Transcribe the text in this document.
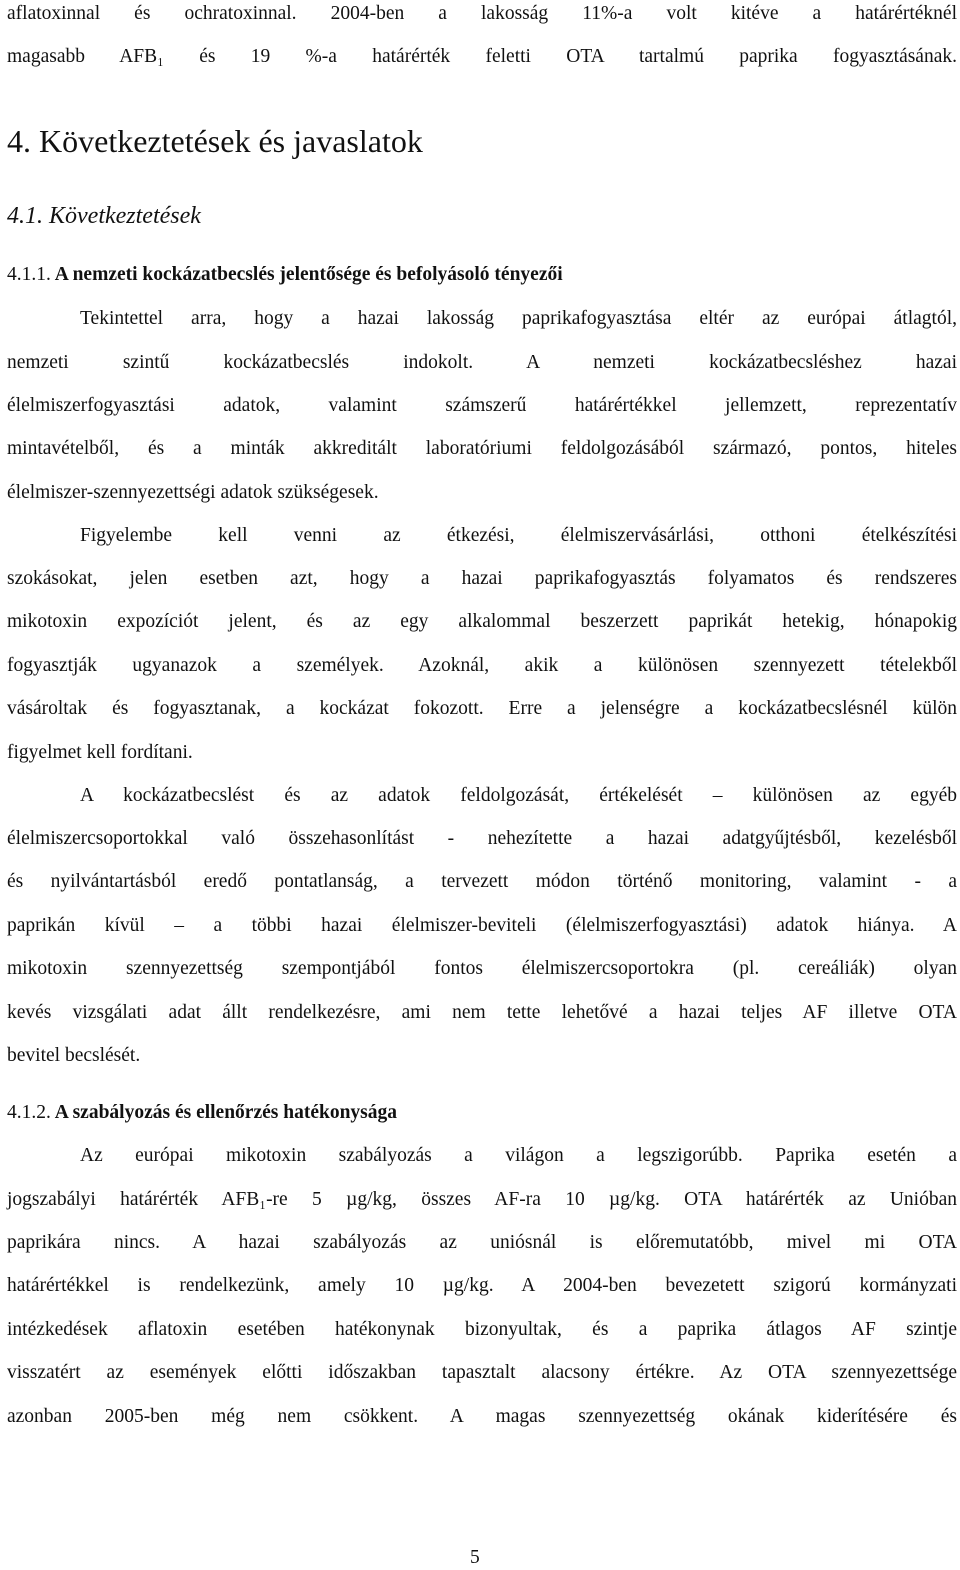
aflatoxinnal és ochratoxinnal. 2004-ben a lakosság 11%-a volt kitéve a határértéknél
magasabb AFB₁ és 19 %-a határérték feletti OTA tartalmú paprika fogyasztásának.
4. Következtetések és javaslatok
4.1. Következtetések
4.1.1. A nemzeti kockázatbecslés jelentősége és befolyásoló tényezői
Tekintettel arra, hogy a hazai lakosság paprikafogyasztása eltér az európai átlagtól,
nemzeti szintű kockázatbecslés indokolt. A nemzeti kockázatbecsléshez hazai
élelmiszerfogyasztási adatok, valamint számszerű határértékkel jellemzett, reprezentatív
mintavételből, és a minták akkreditált laboratóriumi feldolgozásából származó, pontos, hiteles
élelmiszer-szennyezettségi adatok szükségesek.
Figyelembe kell venni az étkezési, élelmiszervásárlási, otthoni ételkészítési
szokásokat, jelen esetben azt, hogy a hazai paprikafogyasztás folyamatos és rendszeres
mikotoxin expozíciót jelent, és az egy alkalommal beszerzett paprikát hetekig, hónapokig
fogyasztják ugyanazok a személyek. Azoknál, akik a különösen szennyezett tételekből
vásároltak és fogyasztanak, a kockázat fokozott. Erre a jelenségre a kockázatbecslésnél külön
figyelmet kell fordítani.
A kockázatbecslést és az adatok feldolgozását, értékelését – különösen az egyéb
élelmiszercsoportokkal való összehasonlítást - nehezítette a hazai adatgyűjtésből, kezelésből
és nyilvántartásból eredő pontatlanság, a tervezett módon történő monitoring, valamint - a
paprikán kívül – a többi hazai élelmiszer-beviteli (élelmiszerfogyasztási) adatok hiánya. A
mikotoxin szennyezettség szempontjából fontos élelmiszercsoportokra (pl. cereáliák) olyan
kevés vizsgálati adat állt rendelkezésre, ami nem tette lehetővé a hazai teljes AF illetve OTA
bevitel becslését.
4.1.2. A szabályozás és ellenőrzés hatékonysága
Az európai mikotoxin szabályozás a világon a legszigorúbb. Paprika esetén a
jogszabályi határérték AFB₁-re 5 µg/kg, összes AF-ra 10 µg/kg. OTA határérték az Unióban
paprikára nincs. A hazai szabályozás az uniósnál is előremutatóbb, mivel mi OTA
határértékkel is rendelkezünk, amely 10 µg/kg. A 2004-ben bevezetett szigorú kormányzati
intézkedések aflatoxin esetében hatékonynak bizonyultak, és a paprika átlagos AF szintje
visszatért az események előtti időszakban tapasztalt alacsony értékre. Az OTA szennyezettsége
azonban 2005-ben még nem csökkent. A magas szennyezettség okának kiderítésére és
5
